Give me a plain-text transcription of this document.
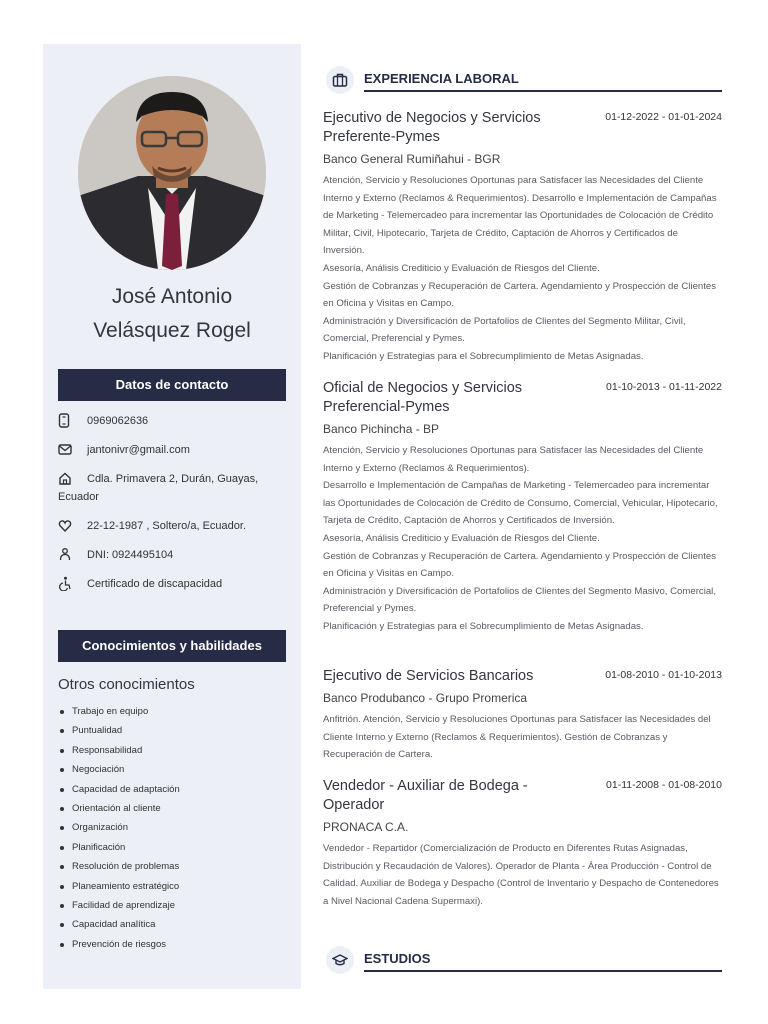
José Antonio
Velásquez Rogel
Datos de contacto
0969062636
jantonivr@gmail.com
Cdla. Primavera 2, Durán, Guayas, Ecuador
22-12-1987 , Soltero/a, Ecuador.
DNI: 0924495104
Certificado de discapacidad
Conocimientos y habilidades
Otros conocimientos
Trabajo en equipo
Puntualidad
Responsabilidad
Negociación
Capacidad de adaptación
Orientación al cliente
Organización
Planificación
Resolución de problemas
Planeamiento estratégico
Facilidad de aprendizaje
Capacidad analítica
Prevención de riesgos
EXPERIENCIA LABORAL
Ejecutivo de Negocios y Servicios Preferente-Pymes
01-12-2022 - 01-01-2024
Banco General Rumiñahui - BGR
Atención, Servicio y Resoluciones Oportunas para Satisfacer las Necesidades del Cliente Interno y Externo (Reclamos & Requerimientos). Desarrollo e Implementación de Campañas de Marketing - Telemercadeo para incrementar las Oportunidades de Colocación de Crédito Militar, Civil, Hipotecario, Tarjeta de Crédito, Captación de Ahorros y Certificados de Inversión.
Asesoría, Análisis Crediticio y Evaluación de Riesgos del Cliente.
Gestión de Cobranzas y Recuperación de Cartera. Agendamiento y Prospección de Clientes en Oficina y Visitas en Campo.
Administración y Diversificación de Portafolios de Clientes del Segmento Militar, Civil, Comercial, Preferencial y Pymes.
Planificación y Estrategias para el Sobrecumplimiento de Metas Asignadas.
Oficial de Negocios y Servicios Preferencial-Pymes
01-10-2013 - 01-11-2022
Banco Pichincha - BP
Atención, Servicio y Resoluciones Oportunas para Satisfacer las Necesidades del Cliente Interno y Externo (Reclamos & Requerimientos).
Desarrollo e Implementación de Campañas de Marketing - Telemercadeo para incrementar las Oportunidades de Colocación de Crédito de Consumo, Comercial, Vehicular, Hipotecario, Tarjeta de Crédito, Captación de Ahorros y Certificados de Inversión.
Asesoría, Análisis Crediticio y Evaluación de Riesgos del Cliente.
Gestión de Cobranzas y Recuperación de Cartera. Agendamiento y Prospección de Clientes en Oficina y Visitas en Campo.
Administración y Diversificación de Portafolios de Clientes del Segmento Masivo, Comercial, Preferencial y Pymes.
Planificación y Estrategias para el Sobrecumplimiento de Metas Asignadas.
Ejecutivo de Servicios Bancarios	01-08-2010 - 01-10-2013
Banco Produbanco - Grupo Promerica
Anfitrión. Atención, Servicio y Resoluciones Oportunas para Satisfacer las Necesidades del Cliente Interno y Externo (Reclamos & Requerimientos). Gestión de Cobranzas y Recuperación de Cartera.
Vendedor - Auxiliar de Bodega - Operador
01-11-2008 - 01-08-2010
PRONACA C.A.
Vendedor - Repartidor (Comercialización de Producto en Diferentes Rutas Asignadas, Distribución y Recaudación de Valores). Operador de Planta - Área Producción - Control de Calidad. Auxiliar de Bodega y Despacho (Control de Inventario y Despacho de Contenedores a Nivel Nacional Cadena Supermaxi).
ESTUDIOS
